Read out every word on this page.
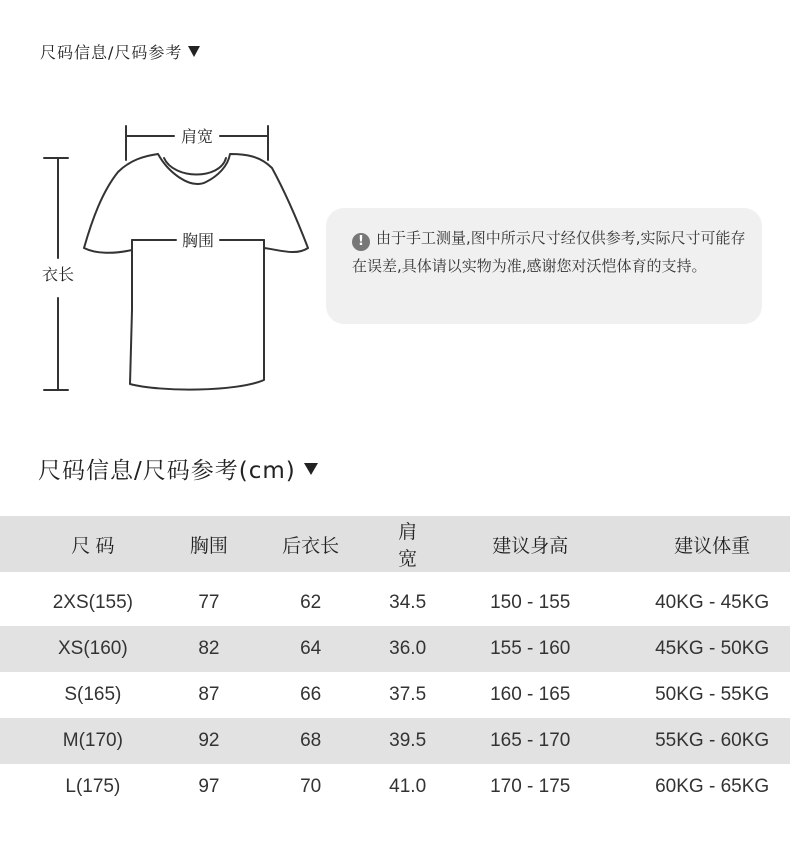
尺码信息/尺码参考
肩宽
胸围
衣长
! 由于手工测量,图中所示尺寸经仅供参考,实际尺寸可能存在误差,具体请以实物为准,感谢您对沃恺体育的支持。
尺码信息/尺码参考(cm)
尺 码	胸围	后衣长	肩宽	建议身高	建议体重

2XS(155)	77	62	34.5	150 - 155	40KG - 45KG
XS(160)	82	64	36.0	155 - 160	45KG - 50KG
S(165)	87	66	37.5	160 - 165	50KG - 55KG
M(170)	92	68	39.5	165 - 170	55KG - 60KG
L(175)	97	70	41.0	170 - 175	60KG - 65KG
